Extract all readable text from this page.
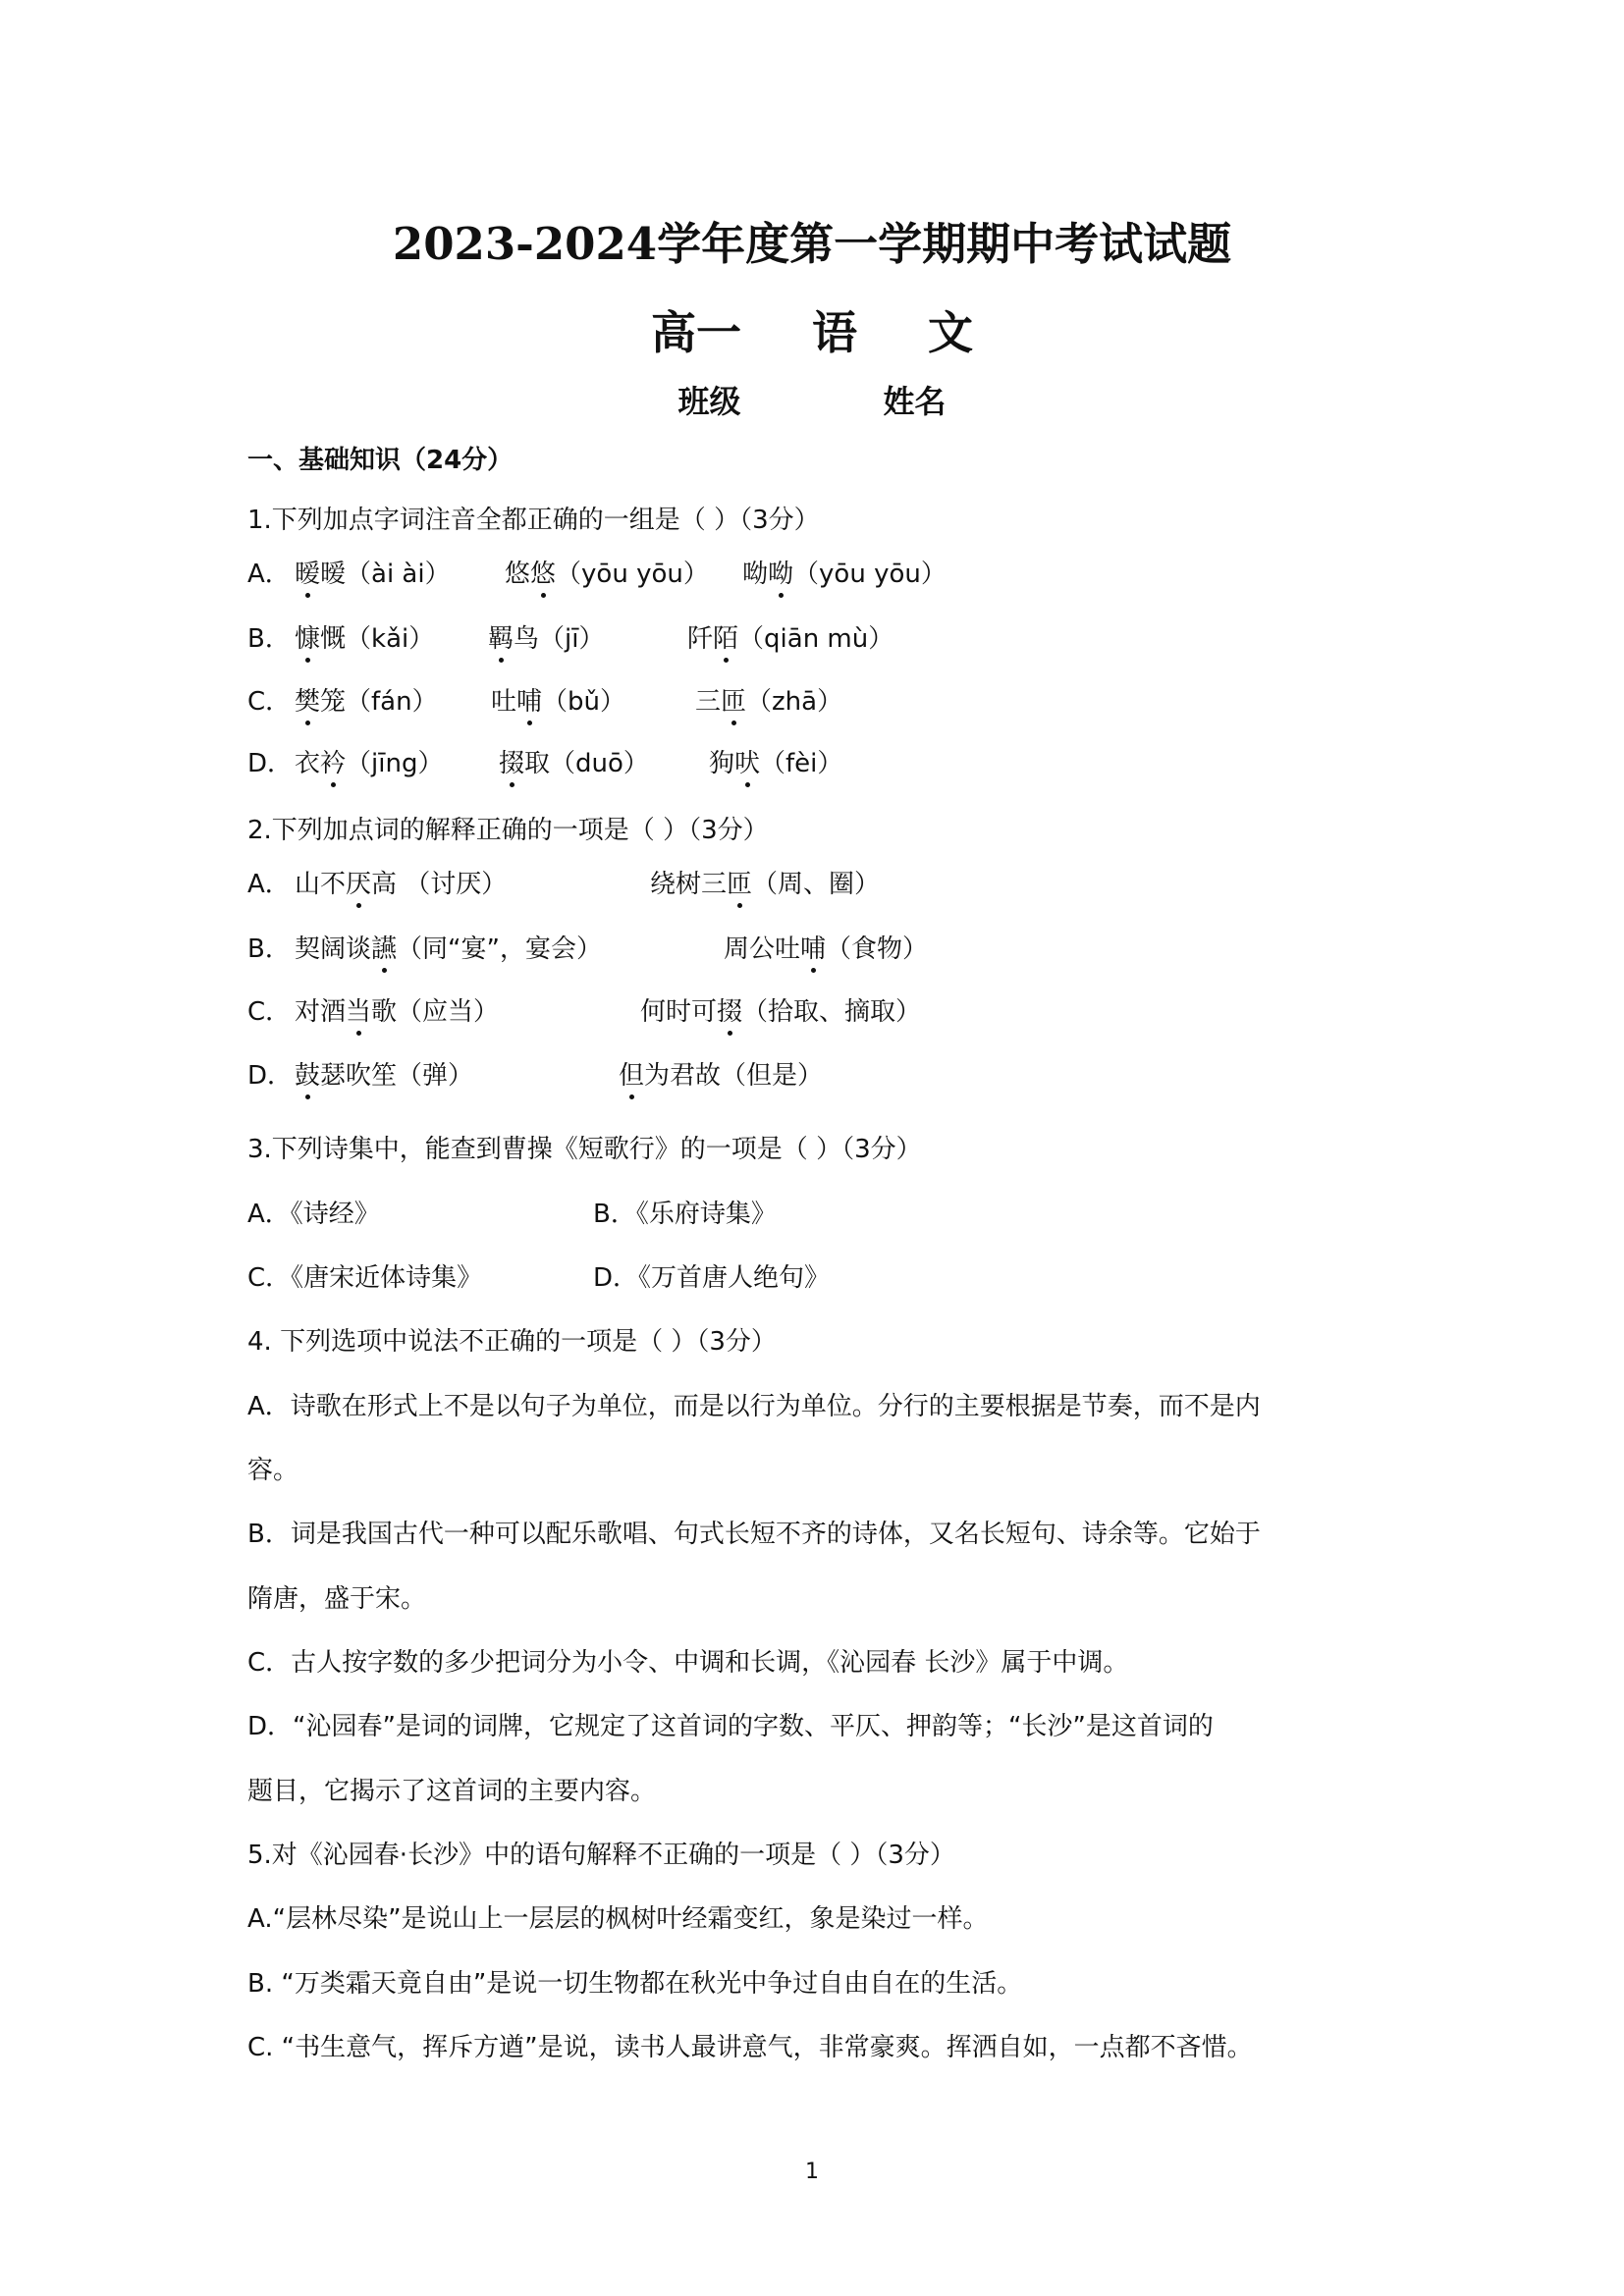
2023-2024学年度第一学期期中考试试题
高一 语 文
班级	姓名
一、基础知识（24分）
1.下列加点字词注音全都正确的一组是（ ）（3分）
A． 暧暧（ài ài） 悠悠（yōu yōu） 呦呦（yōu yōu）
B． 慷慨（kǎi） 羁鸟（jī）	阡陌（qiān mù）
C． 樊笼（fán） 吐哺（bǔ）	三匝（zhā）
D． 衣衿（jīng） 掇取（duō） 狗吠（fèi）
2.下列加点词的解释正确的一项是（ ）（3分）
A． 山不厌高 （讨厌）	绕树三匝（周、圈）
B． 契阔谈讌（同“宴”，宴会）	周公吐哺（食物）
C． 对酒当歌（应当）	何时可掇（拾取、摘取）
D． 鼓瑟吹笙（弹）	但为君故（但是）
3.下列诗集中，能查到曹操《短歌行》的一项是（ ）（3分）
A．《诗经》	B．《乐府诗集》
C．《唐宋近体诗集》	D．《万首唐人绝句》
4. 下列选项中说法不正确的一项是（ ）（3分）
A．诗歌在形式上不是以句子为单位，而是以行为单位。分行的主要根据是节奏，而不是内
容。
B．词是我国古代一种可以配乐歌唱、句式长短不齐的诗体，又名长短句、诗余等。它始于
隋唐，盛于宋。
C．古人按字数的多少把词分为小令、中调和长调，《沁园春 长沙》属于中调。
D．“沁园春”是词的词牌，它规定了这首词的字数、平仄、押韵等；“长沙”是这首词的
题目，它揭示了这首词的主要内容。
5.对《沁园春·长沙》中的语句解释不正确的一项是（ ）（3分）
A.“层林尽染”是说山上一层层的枫树叶经霜变红，象是染过一样。
B. “万类霜天竟自由”是说一切生物都在秋光中争过自由自在的生活。
C. “书生意气，挥斥方遒”是说，读书人最讲意气，非常豪爽。挥洒自如，一点都不吝惜。
1
